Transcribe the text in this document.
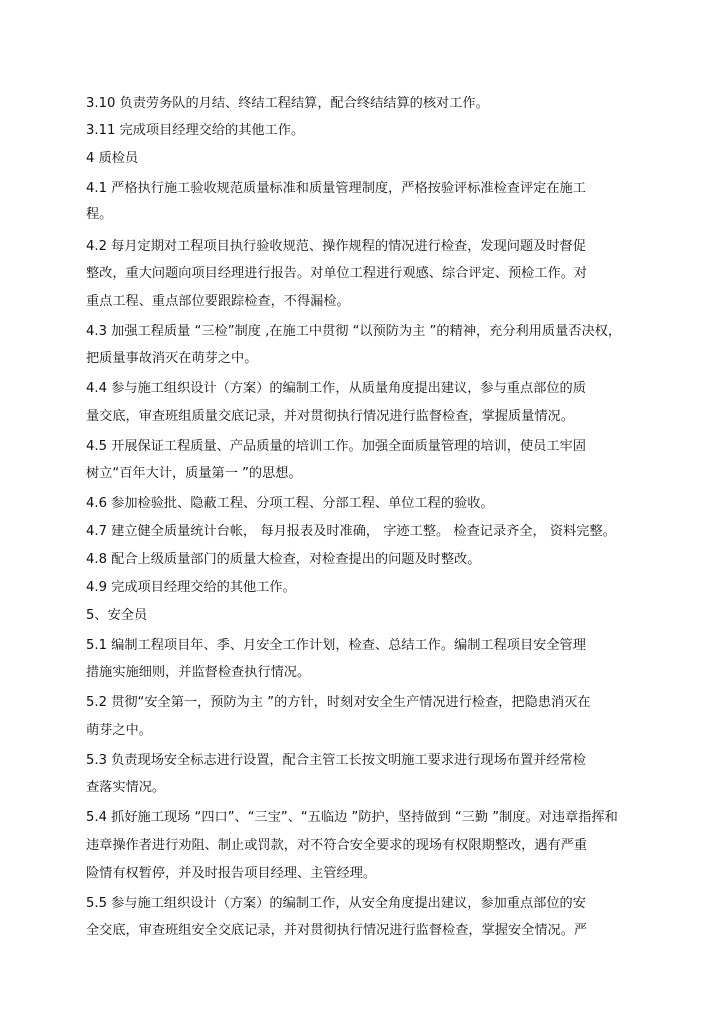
3.10 负责劳务队的月结、终结工程结算，配合终结结算的核对工作。
3.11 完成项目经理交给的其他工作。
4 质检员
4.1 严格执行施工验收规范质量标准和质量管理制度，严格按验评标准检查评定在施工
程。
4.2 每月定期对工程项目执行验收规范、操作规程的情况进行检查，发现问题及时督促
整改，重大问题向项目经理进行报告。对单位工程进行观感、综合评定、预检工作。对
重点工程、重点部位要跟踪检查，不得漏检。
4.3 加强工程质量 “三检”制度 ,在施工中贯彻 “以预防为主 ”的精神，充分利用质量否决权，
把质量事故消灭在萌芽之中。
4.4 参与施工组织设计（方案）的编制工作，从质量角度提出建议，参与重点部位的质
量交底，审查班组质量交底记录，并对贯彻执行情况进行监督检查，掌握质量情况。
4.5 开展保证工程质量、产品质量的培训工作。加强全面质量管理的培训，使员工牢固
树立“百年大计，质量第一 ”的思想。
4.6 参加检验批、隐蔽工程、分项工程、分部工程、单位工程的验收。
4.7 建立健全质量统计台帐， 每月报表及时准确， 字迹工整。 检查记录齐全， 资料完整。
4.8 配合上级质量部门的质量大检查，对检查提出的问题及时整改。
4.9 完成项目经理交给的其他工作。
5、安全员
5.1 编制工程项目年、季、月安全工作计划，检查、总结工作。编制工程项目安全管理
措施实施细则，并监督检查执行情况。
5.2 贯彻“安全第一，预防为主 ”的方针，时刻对安全生产情况进行检查，把隐患消灭在
萌芽之中。
5.3 负责现场安全标志进行设置，配合主管工长按文明施工要求进行现场布置并经常检
查落实情况。
5.4 抓好施工现场 “四口”、“三宝”、“五临边 ”防护，坚持做到 “三勤 ”制度。对违章指挥和
违章操作者进行劝阻、制止或罚款，对不符合安全要求的现场有权限期整改，遇有严重
险情有权暂停，并及时报告项目经理、主管经理。
5.5 参与施工组织设计（方案）的编制工作，从安全角度提出建议，参加重点部位的安
全交底，审查班组安全交底记录，并对贯彻执行情况进行监督检查，掌握安全情况。严
